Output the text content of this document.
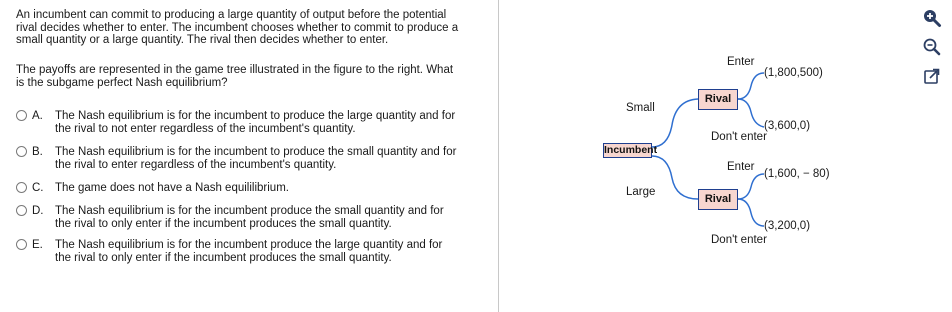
An incumbent can commit to producing a large quantity of output before the potential
rival decides whether to enter. The incumbent chooses whether to commit to produce a
small quantity or a large quantity. The rival then decides whether to enter.
The payoffs are represented in the game tree illustrated in the figure to the right. What
is the subgame perfect Nash equilibrium?
A. The Nash equilibrium is for the incumbent to produce the large quantity and for
the rival to not enter regardless of the incumbent's quantity.
B. The Nash equilibrium is for the incumbent to produce the small quantity and for
the rival to enter regardless of the incumbent's quantity.
C. The game does not have a Nash equililibrium.
D. The Nash equilibrium is for the incumbent produce the small quantity and for
the rival to only enter if the incumbent produces the small quantity.
E. The Nash equilibrium is for the incumbent produce the large quantity and for
the rival to only enter if the incumbent produces the small quantity.
Incumbent
Rival
Rival
Small
Large
Enter
Don't enter
Enter
Don't enter
(1,800,500)
(3,600,0)
(1,600, − 80)
(3,200,0)
